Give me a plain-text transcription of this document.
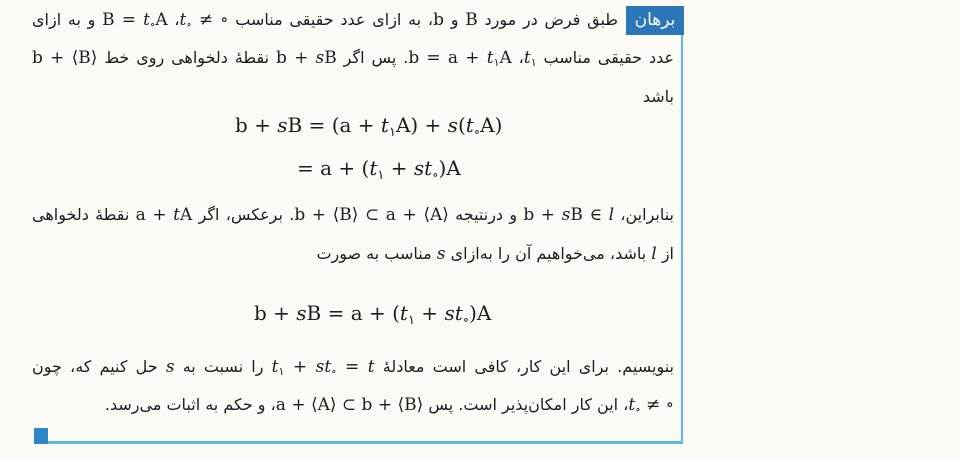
برهان
طبق فرض در مورد B و b، به ازای عدد حقیقی مناسب $t_\circ$ ≠ ∘، $B = t_\circ A$ و به ازای
عدد حقیقی مناسب $t_۱،$ $b = a + t_۱A$. پس اگر b + sB نقطۀ دلخواهی روی خط b + ⟨B⟩
باشد
b + sB = $(a + t_۱A) + s(t_\circ A)$
= $a + (t_۱ + st_\circ)A$
بنابراین، b + sB ∈ l و درنتیجه b + ⟨B⟩ ⊂ a + ⟨A⟩. برعکس، اگر a + tA نقطۀ دلخواهی
از l باشد، می‌خواهیم آن را به‌ازای s مناسب به صورت
b + sB = $a + (t_۱ + st_\circ)A$
بنویسیم. برای این کار، کافی است معادلۀ $t_۱ + st_\circ = t$ را نسبت به s حل کنیم که، چون
$t_\circ$ ≠ ∘، این کار امکان‌پذیر است. پس a + ⟨A⟩ ⊂ b + ⟨B⟩، و حکم به اثبات می‌رسد.
